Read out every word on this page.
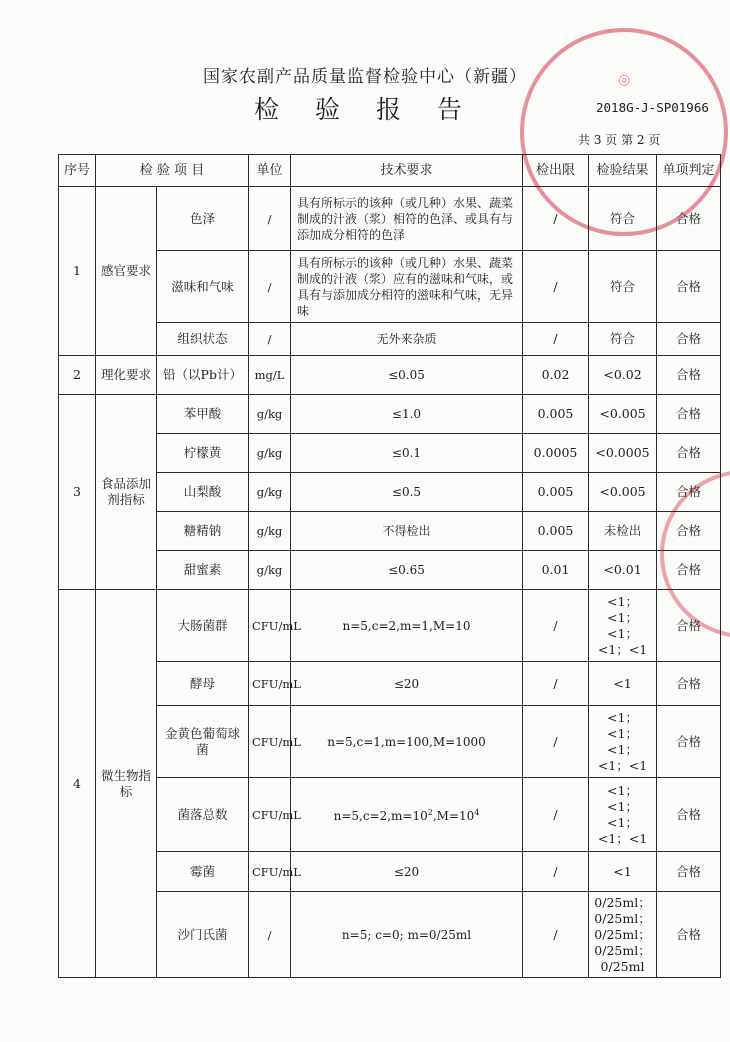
◎
国家农副产品质量监督检验中心（新疆）
检 验 报 告	2018G-J-SP01966
共 3 页 第 2 页
序号	检 验 项 目		单位	技术要求	检出限	检验结果	单项判定
1	感官要求	色泽	/	具有所标示的该种（或几种）水果、蔬菜制成的汁液（浆）相符的色泽、或具有与添加成分相符的色泽	/	符合	合格
		滋味和气味	/	具有所标示的该种（或几种）水果、蔬菜制成的汁液（浆）应有的滋味和气味，或具有与添加成分相符的滋味和气味，无异味	/	符合	合格
		组织状态	/	无外来杂质	/	符合	合格
2	理化要求	铅（以Pb计）	mg/L	≤0.05	0.02	<0.02	合格
3	食品添加剂指标	苯甲酸	g/kg	≤1.0	0.005	<0.005	合格
		柠檬黄	g/kg	≤0.1	0.0005	<0.0005	合格
		山梨酸	g/kg	≤0.5	0.005	<0.005	合格
		糖精钠	g/kg	不得检出	0.005	未检出	合格
		甜蜜素	g/kg	≤0.65	0.01	<0.01	合格
4	微生物指标	大肠菌群	CFU/mL	n=5,c=2,m=1,M=10	/	<1；<1；<1；<1；<1	合格
		酵母	CFU/mL	≤20	/	<1	合格
		金黄色葡萄球菌	CFU/mL	n=5,c=1,m=100,M=1000	/	<1；<1；<1；<1；<1	合格
		菌落总数	CFU/mL	$n=5,c=2,m=10^2,M=10^4$	/	<1；<1；<1；<1；<1	合格
		霉菌	CFU/mL	≤20	/	<1	合格
		沙门氏菌	/	n=5; c=0; m=0/25ml	/	0/25ml；0/25ml；0/25ml；0/25ml；0/25ml	合格
